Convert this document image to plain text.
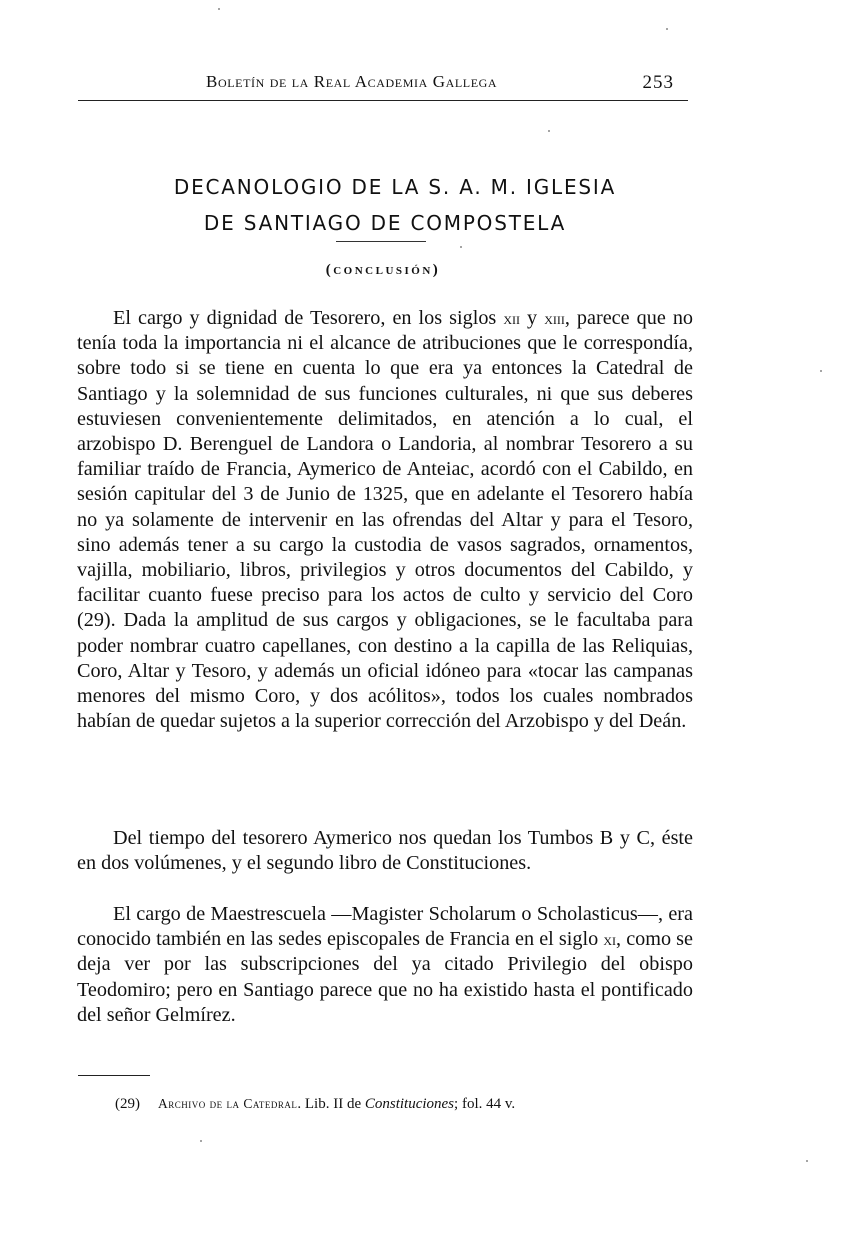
Boletín de la Real Academia Gallega	253
DECANOLOGIO DE LA S. A. M. IGLESIA
DE SANTIAGO DE COMPOSTELA
(conclusión)

El cargo y dignidad de Tesorero, en los siglos xii y xiii, parece que no tenía toda la importancia ni el alcance de atribuciones que le correspondía, sobre todo si se tiene en cuenta lo que era ya entonces la Catedral de Santiago y la solemnidad de sus funciones culturales, ni que sus deberes estuviesen convenientemente delimitados, en atención a lo cual, el arzobispo D. Berenguel de Landora o Landoria, al nombrar Tesorero a su familiar traído de Francia, Aymerico de Anteiac, acordó con el Cabildo, en sesión capitular del 3 de Junio de 1325, que en adelante el Tesorero había no ya solamente de intervenir en las ofrendas del Altar y para el Tesoro, sino además tener a su cargo la custodia de vasos sagrados, ornamentos, vajilla, mobiliario, libros, privilegios y otros documentos del Cabildo, y facilitar cuanto fuese preciso para los actos de culto y servicio del Coro (29). Dada la amplitud de sus cargos y obligaciones, se le facultaba para poder nombrar cuatro capellanes, con destino a la capilla de las Reliquias, Coro, Altar y Tesoro, y además un oficial idóneo para «tocar las campanas menores del mismo Coro, y dos acólitos», todos los cuales nombrados habían de quedar sujetos a la superior corrección del Arzobispo y del Deán.

Del tiempo del tesorero Aymerico nos quedan los Tumbos B y C, éste en dos volúmenes, y el segundo libro de Constituciones.

El cargo de Maestrescuela —Magister Scholarum o Scholasticus—, era conocido también en las sedes episcopales de Francia en el siglo xi, como se deja ver por las subscripciones del ya citado Privilegio del obispo Teodomiro; pero en Santiago parece que no ha existido hasta el pontificado del señor Gelmírez.

(29) Archivo de la Catedral. Lib. II de Constituciones; fol. 44 v.
